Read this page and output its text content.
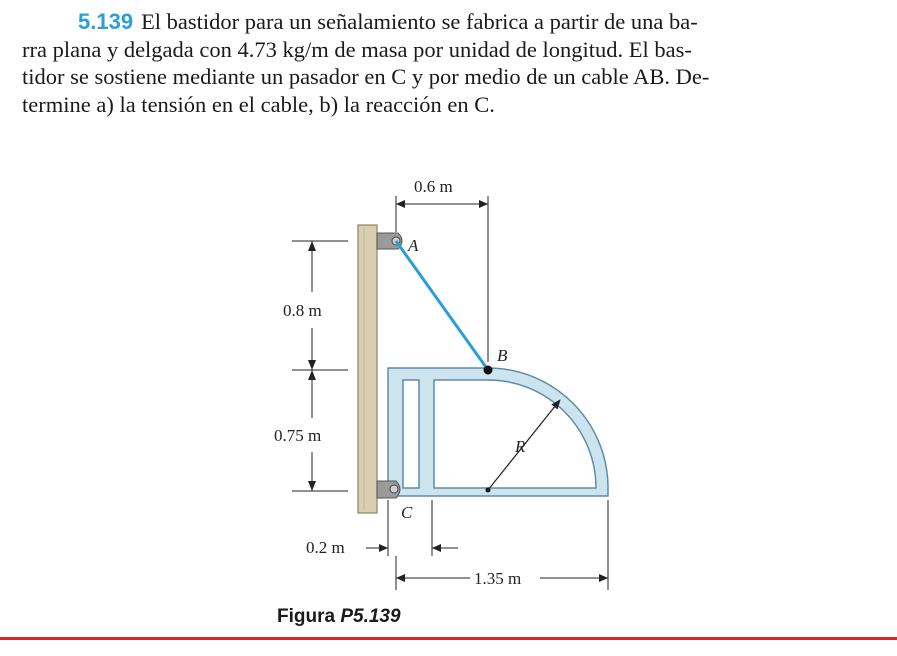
5.139 El bastidor para un señalamiento se fabrica a partir de una ba-
rra plana y delgada con 4.73 kg/m de masa por unidad de longitud. El bas-
tidor se sostiene mediante un pasador en C y por medio de un cable AB. De-
termine a) la tensión en el cable, b) la reacción en C.
0.6 m
0.8 m
0.75 m
0.2 m
1.35 m
A
B
C
R
Figura P5.139
